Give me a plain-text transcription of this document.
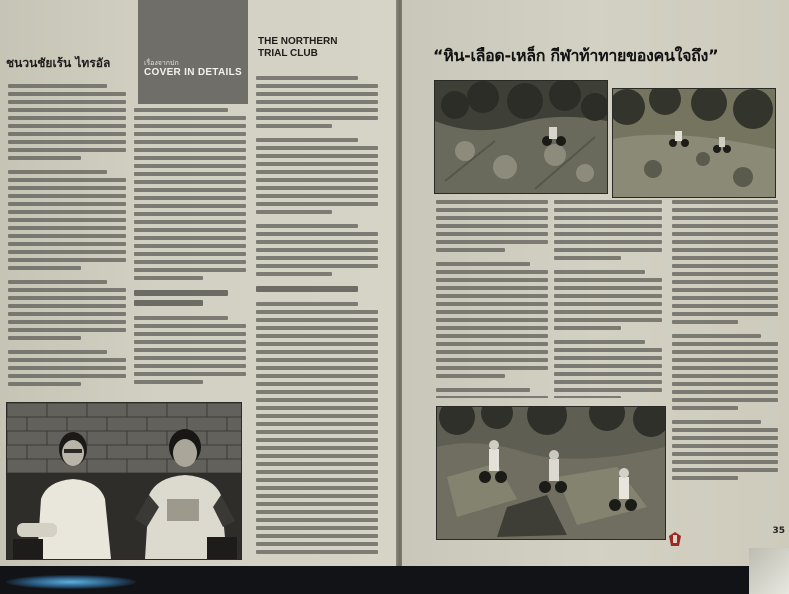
ชนวนชัยเร้น ไทรอัล	เรื่องจากปก
COVER IN DETAILS
THE NORTHERN
TRIAL CLUB	“หิน-เลือด-เหล็ก กีฬาท้าทายของคนใจถึง”
35
